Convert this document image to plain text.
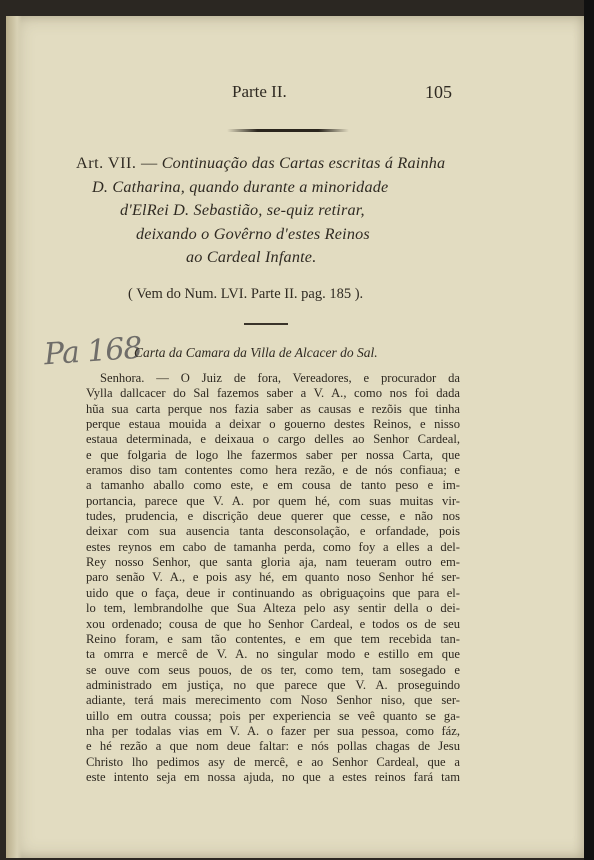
Parte II.	105
Art. VII. — Continuação das Cartas escritas á Rainha
D. Catharina, quando durante a minoridade
d'ElRei D. Sebastião, se-quiz retirar,
deixando o Govêrno d'estes Reinos
ao Cardeal Infante.
( Vem do Num. LVI. Parte II. pag. 185 ).
Pa 168
Carta da Camara da Villa de Alcacer do Sal.
Senhora. — O Juiz de fora, Vereadores, e procurador da
Vylla dallcacer do Sal fazemos saber a V. A., como nos foi dada
hũa sua carta perque nos fazia saber as causas e rezõis que tinha
perque estaua mouida a deixar o gouerno destes Reinos, e nisso
estaua determinada, e deixaua o cargo delles ao Senhor Cardeal,
e que folgaria de logo lhe fazermos saber per nossa Carta, que
eramos diso tam contentes como hera rezão, e de nós confiaua; e
a tamanho aballo como este, e em cousa de tanto peso e im-
portancia, parece que V. A. por quem hé, com suas muitas vir-
tudes, prudencia, e discrição deue querer que cesse, e não nos
deixar com sua ausencia tanta desconsolação, e orfandade, pois
estes reynos em cabo de tamanha perda, como foy a elles a del-
Rey nosso Senhor, que santa gloria aja, nam teueram outro em-
paro senão V. A., e pois asy hé, em quanto noso Senhor hé ser-
uido que o faça, deue ir continuando as obriguaçoins que para el-
lo tem, lembrandolhe que Sua Alteza pelo asy sentir della o dei-
xou ordenado; cousa de que ho Senhor Cardeal, e todos os de seu
Reino foram, e sam tão contentes, e em que tem recebida tan-
ta omrra e mercê de V. A. no singular modo e estillo em que
se ouve com seus pouos, de os ter, como tem, tam sosegado e
administrado em justiça, no que parece que V. A. proseguindo
adiante, terá mais merecimento com Noso Senhor niso, que ser-
uillo em outra coussa; pois per experiencia se veê quanto se ga-
nha per todalas vias em V. A. o fazer per sua pessoa, como fáz,
e hé rezão a que nom deue faltar: e nós pollas chagas de Jesu
Christo lho pedimos asy de mercê, e ao Senhor Cardeal, que a
este intento seja em nossa ajuda, no que a estes reinos fará tam
